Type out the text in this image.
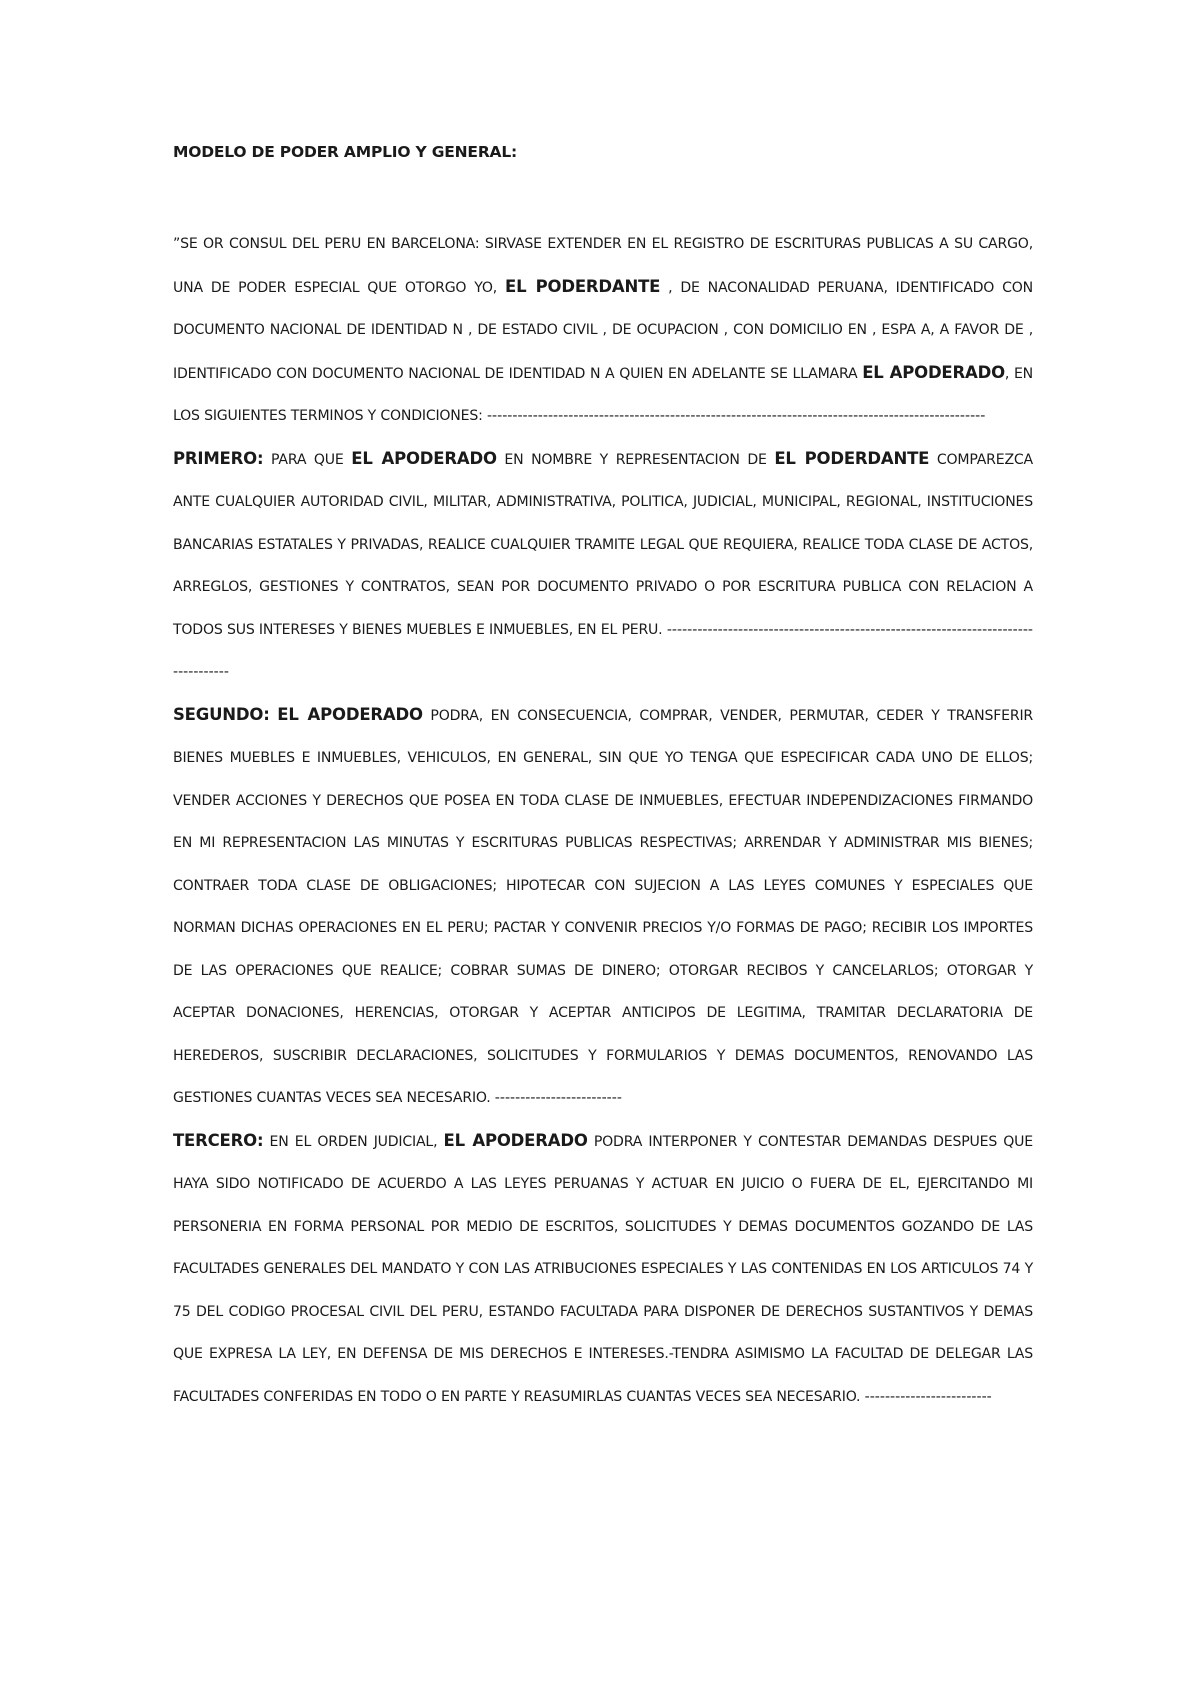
MODELO DE PODER AMPLIO Y GENERAL:

”SE OR CONSUL DEL PERU EN BARCELONA: SIRVASE EXTENDER EN EL REGISTRO DE ESCRITURAS PUBLICAS A SU CARGO, UNA DE PODER ESPECIAL QUE OTORGO YO, EL PODERDANTE , DE NACONALIDAD PERUANA, IDENTIFICADO CON DOCUMENTO NACIONAL DE IDENTIDAD N , DE ESTADO CIVIL , DE OCUPACION , CON DOMICILIO EN , ESPA A, A FAVOR DE , IDENTIFICADO CON DOCUMENTO NACIONAL DE IDENTIDAD N A QUIEN EN ADELANTE SE LLAMARA EL APODERADO, EN LOS SIGUIENTES TERMINOS Y CONDICIONES: --------------------------------------------------------------------------------------------------

PRIMERO: PARA QUE EL APODERADO EN NOMBRE Y REPRESENTACION DE EL PODERDANTE COMPAREZCA ANTE CUALQUIER AUTORIDAD CIVIL, MILITAR, ADMINISTRATIVA, POLITICA, JUDICIAL, MUNICIPAL, REGIONAL, INSTITUCIONES BANCARIAS ESTATALES Y PRIVADAS, REALICE CUALQUIER TRAMITE LEGAL QUE REQUIERA, REALICE TODA CLASE DE ACTOS, ARREGLOS, GESTIONES Y CONTRATOS, SEAN POR DOCUMENTO PRIVADO O POR ESCRITURA PUBLICA CON RELACION A TODOS SUS INTERESES Y BIENES MUEBLES E INMUEBLES, EN EL PERU. -----------------------------------------------------------------------------------

SEGUNDO: EL APODERADO PODRA, EN CONSECUENCIA, COMPRAR, VENDER, PERMUTAR, CEDER Y TRANSFERIR BIENES MUEBLES E INMUEBLES, VEHICULOS, EN GENERAL, SIN QUE YO TENGA QUE ESPECIFICAR CADA UNO DE ELLOS; VENDER ACCIONES Y DERECHOS QUE POSEA EN TODA CLASE DE INMUEBLES, EFECTUAR INDEPENDIZACIONES FIRMANDO EN MI REPRESENTACION LAS MINUTAS Y ESCRITURAS PUBLICAS RESPECTIVAS; ARRENDAR Y ADMINISTRAR MIS BIENES; CONTRAER TODA CLASE DE OBLIGACIONES; HIPOTECAR CON SUJECION A LAS LEYES COMUNES Y ESPECIALES QUE NORMAN DICHAS OPERACIONES EN EL PERU; PACTAR Y CONVENIR PRECIOS Y/O FORMAS DE PAGO; RECIBIR LOS IMPORTES DE LAS OPERACIONES QUE REALICE; COBRAR SUMAS DE DINERO; OTORGAR RECIBOS Y CANCELARLOS; OTORGAR Y ACEPTAR DONACIONES, HERENCIAS, OTORGAR Y ACEPTAR ANTICIPOS DE LEGITIMA, TRAMITAR DECLARATORIA DE HEREDEROS, SUSCRIBIR DECLARACIONES, SOLICITUDES Y FORMULARIOS Y DEMAS DOCUMENTOS, RENOVANDO LAS GESTIONES CUANTAS VECES SEA NECESARIO. -------------------------

TERCERO: EN EL ORDEN JUDICIAL, EL APODERADO PODRA INTERPONER Y CONTESTAR DEMANDAS DESPUES QUE HAYA SIDO NOTIFICADO DE ACUERDO A LAS LEYES PERUANAS Y ACTUAR EN JUICIO O FUERA DE EL, EJERCITANDO MI PERSONERIA EN FORMA PERSONAL POR MEDIO DE ESCRITOS, SOLICITUDES Y DEMAS DOCUMENTOS GOZANDO DE LAS FACULTADES GENERALES DEL MANDATO Y CON LAS ATRIBUCIONES ESPECIALES Y LAS CONTENIDAS EN LOS ARTICULOS 74 Y 75 DEL CODIGO PROCESAL CIVIL DEL PERU, ESTANDO FACULTADA PARA DISPONER DE DERECHOS SUSTANTIVOS Y DEMAS QUE EXPRESA LA LEY, EN DEFENSA DE MIS DERECHOS E INTERESES.-TENDRA ASIMISMO LA FACULTAD DE DELEGAR LAS FACULTADES CONFERIDAS EN TODO O EN PARTE Y REASUMIRLAS CUANTAS VECES SEA NECESARIO. -------------------------
